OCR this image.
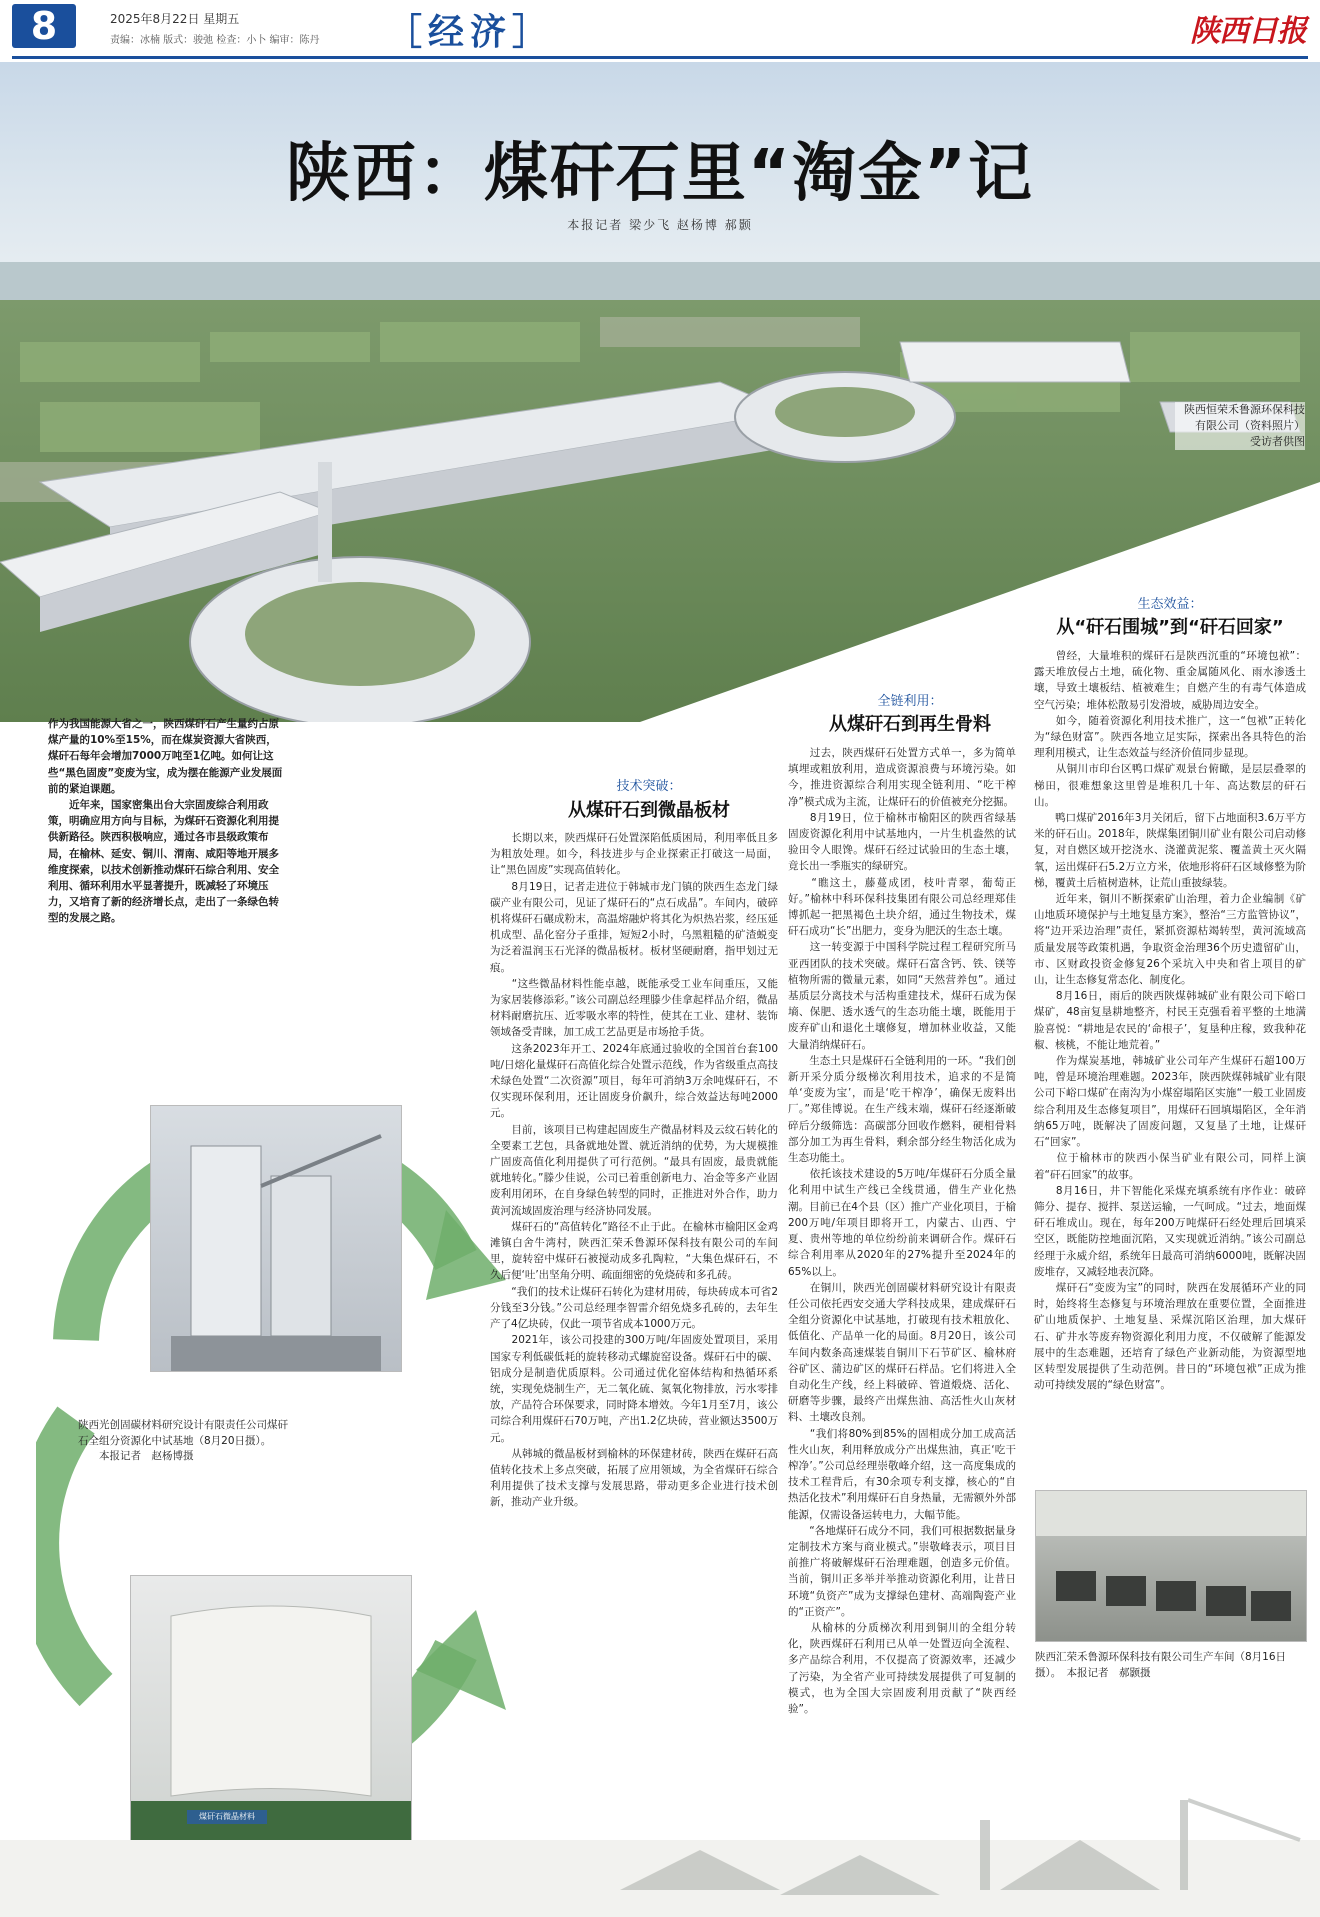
8	2025年8月22日 星期五
责编：冰楠 版式：骏弛 检查：小卜 编审：陈丹 ［经济］	陕西日报
陕西：煤矸石里“淘金”记
本报记者 梁少飞 赵杨博 郝颢
陕西恒荣禾鲁源环保科技有限公司（资料照片）
受访者供图
作为我国能源大省之一，陕西煤矸石产生量约占原煤产量的10%至15%，而在煤炭资源大省陕西，煤矸石每年会增加7000万吨至1亿吨。如何让这些“黑色固废”变废为宝，成为摆在能源产业发展面前的紧迫课题。
　　近年来，国家密集出台大宗固废综合利用政策，明确应用方向与目标，为煤矸石资源化利用提供新路径。陕西积极响应，通过各市县级政策布局，在榆林、延安、铜川、渭南、咸阳等地开展多维度探索，以技术创新推动煤矸石综合利用、安全利用、循环利用水平显著提升，既减轻了环境压力，又培育了新的经济增长点，走出了一条绿色转型的发展之路。
陕西光创固碳材料研究设计有限责任公司煤矸石全组分资源化中试基地（8月20日摄）。
　　本报记者　赵杨博摄
煤矸石微晶材料
技术突破：
从煤矸石到微晶板材
　　长期以来，陕西煤矸石处置深陷低质困局，利用率低且多为粗放处理。如今，科技进步与企业探索正打破这一局面，让“黑色固废”实现高值转化。
　　8月19日，记者走进位于韩城市龙门镇的陕西生态龙门绿碳产业有限公司，见证了煤矸石的“点石成晶”。车间内，破碎机将煤矸石碾成粉末，高温熔融炉将其化为炽热岩浆，经压延机成型、晶化窑分子重排，短短2小时，乌黑粗糙的矿渣蜕变为泛着温润玉石光泽的微晶板材。板材坚硬耐磨，指甲划过无痕。
　　“这些微晶材料性能卓越，既能承受工业车间重压，又能为家居装修添彩。”该公司副总经理滕少佳拿起样品介绍，微晶材料耐磨抗压、近零吸水率的特性，使其在工业、建材、装饰领域备受青睐，加工成工艺品更是市场抢手货。
　　这条2023年开工、2024年底通过验收的全国首台套100吨/日熔化量煤矸石高值化综合处置示范线，作为省级重点高技术绿色处置“二次资源”项目，每年可消纳3万余吨煤矸石，不仅实现环保利用，还让固废身价飙升，综合效益达每吨2000元。
　　目前，该项目已构建起固废生产微晶材料及云纹石转化的全要素工艺包，具备就地处置、就近消纳的优势，为大规模推广固废高值化利用提供了可行范例。“最具有固废，最贵就能就地转化。”滕少佳说，公司已着重创新电力、冶金等多产业固废利用闭环，在自身绿色转型的同时，正推进对外合作，助力黄河流域固废治理与经济协同发展。
　　煤矸石的“高值转化”路径不止于此。在榆林市榆阳区金鸡滩镇白舍牛湾村，陕西汇荣禾鲁源环保科技有限公司的车间里，旋转窑中煤矸石被搅动成多孔陶粒，“大集色煤矸石，不久后便‘吐’出坚角分明、疏面细密的免烧砖和多孔砖。
　　“我们的技术让煤矸石转化为建材用砖，每块砖成本可省2分钱至3分钱。”公司总经理李智雷介绍免烧多孔砖的，去年生产了4亿块砖，仅此一项节省成本1000万元。
　　2021年，该公司投建的300万吨/年固废处置项目，采用国家专利低碳低耗的旋转移动式螺旋窑设备。煤矸石中的碳、铝成分是制造优质原料。公司通过优化窑体结构和热循环系统，实现免烧制生产，无二氧化硫、氮氧化物排放，污水零排放，产品符合环保要求，同时降本增效。今年1月至7月，该公司综合利用煤矸石70万吨，产出1.2亿块砖，营业额达3500万元。
　　从韩城的微晶板材到榆林的环保建材砖，陕西在煤矸石高值转化技术上多点突破，拓展了应用领域，为全省煤矸石综合利用提供了技术支撑与发展思路，带动更多企业进行技术创新，推动产业升级。
全链利用：
从煤矸石到再生骨料
　　过去，陕西煤矸石处置方式单一，多为简单填埋或粗放利用，造成资源浪费与环境污染。如今，推进资源综合利用实现全链利用、“吃干榨净”模式成为主流，让煤矸石的价值被充分挖掘。
　　8月19日，位于榆林市榆阳区的陕西省绿基固废资源化利用中试基地内，一片生机盎然的试验田令人眼馋。煤矸石经过试验田的生态土壤，竟长出一季瓶实的绿研究。
　　“瞧这土，藤蔓成团，枝叶青翠，葡萄正好。”榆林中科环保科技集团有限公司总经理郑佳博抓起一把黑褐色土块介绍，通过生物技术，煤矸石成功“长”出肥力，变身为肥沃的生态土壤。
　　这一转变源于中国科学院过程工程研究所马亚西团队的技术突破。煤矸石富含钙、铁、镁等植物所需的微量元素，如同“天然营养包”。通过基质层分离技术与活构重建技术，煤矸石成为保墒、保肥、透水透气的生态功能土壤，既能用于废弃矿山和退化土壤修复，增加林业收益，又能大量消纳煤矸石。
　　生态土只是煤矸石全链利用的一环。“我们创新开采分质分级梯次利用技术，追求的不是简单‘变废为宝’，而是‘吃干榨净’，确保无废料出厂。”郑佳博说。在生产线末端，煤矸石经逐渐破碎后分级筛选：高碳部分回收作燃料，硬相骨料部分加工为再生骨料，剩余部分经生物活化成为生态功能土。
　　依托该技术建设的5万吨/年煤矸石分质全量化利用中试生产线已全线贯通，借生产业化热潮。目前已在4个县（区）推广产业化项目，于榆200万吨/年项目即将开工，内蒙古、山西、宁夏、贵州等地的单位纷纷前来调研合作。煤矸石综合利用率从2020年的27%提升至2024年的65%以上。
　　在铜川，陕西光创固碳材料研究设计有限责任公司依托西安交通大学科技成果，建成煤矸石全组分资源化中试基地，打破现有技术粗放化、低值化、产品单一化的局面。8月20日，该公司车间内数条高速煤装自铜川下石节矿区、榆林府谷矿区、蒲边矿区的煤矸石样品。它们将进入全自动化生产线，经上料破碎、管道煅烧、活化、研磨等步骤，最终产出煤焦油、高活性火山灰材料、土壤改良剂。
　　“我们将80%到85%的固相成分加工成高活性火山灰，利用释放成分产出煤焦油，真正‘吃干榨净’。”公司总经理崇敬峰介绍，这一高度集成的技术工程背后，有30余项专利支撑，核心的“自热活化技术”利用煤矸石自身热量，无需额外外部能源，仅需设备运转电力，大幅节能。
　　“各地煤矸石成分不同，我们可根据数据量身定制技术方案与商业模式。”崇敬峰表示，项目目前推广将破解煤矸石治理难题，创造多元价值。当前，铜川正多举并举推动资源化利用，让昔日环境“负资产”成为支撑绿色建材、高端陶瓷产业的“正资产”。
　　从榆林的分质梯次利用到铜川的全组分转化，陕西煤矸石利用已从单一处置迈向全流程、多产品综合利用，不仅提高了资源效率，还减少了污染，为全省产业可持续发展提供了可复制的模式，也为全国大宗固废利用贡献了“陕西经验”。
生态效益：
从“矸石围城”到“矸石回家”
　　曾经，大量堆积的煤矸石是陕西沉重的“环境包袱”：露天堆放侵占土地，硫化物、重金属随风化、雨水渗透土壤，导致土壤板结、植被难生；自燃产生的有毒气体造成空气污染；堆体松散易引发滑坡，威胁周边安全。
　　如今，随着资源化利用技术推广，这一“包袱”正转化为“绿色财富”。陕西各地立足实际，探索出各具特色的治理利用模式，让生态效益与经济价值同步显现。
　　从铜川市印台区鸭口煤矿观景台俯瞰，是层层叠翠的梯田，很难想象这里曾是堆积几十年、高达数层的矸石山。
　　鸭口煤矿2016年3月关闭后，留下占地面积3.6万平方米的矸石山。2018年，陕煤集团铜川矿业有限公司启动修复，对自燃区域开挖浇水、浇灌黄泥浆、覆盖黄土灭火隔氧，运出煤矸石5.2万立方米，依地形将矸石区域修整为阶梯，覆黄土后植树造林，让荒山重披绿装。
　　近年来，铜川不断探索矿山治理，着力企业编制《矿山地质环境保护与土地复垦方案》，整治“三方监管协议”，将“边开采边治理”责任，紧抓资源枯竭转型，黄河流域高质量发展等政策机遇，争取资金治理36个历史遗留矿山，市、区财政投资金修复26个采坑入中央和省上项目的矿山，让生态修复常态化、制度化。
　　8月16日，雨后的陕西陕煤韩城矿业有限公司下峪口煤矿，48亩复垦耕地整齐，村民王克强看着平整的土地满脸喜悦：“耕地是农民的‘命根子’，复垦种庄稼，致我种花椒、核桃，不能让地荒着。”
　　作为煤炭基地，韩城矿业公司年产生煤矸石超100万吨，曾是环境治理难题。2023年，陕西陕煤韩城矿业有限公司下峪口煤矿在南沟为小煤窑塌陷区实施“一般工业固废综合利用及生态修复项目”，用煤矸石回填塌陷区，全年消纳65万吨，既解决了固废问题，又复垦了土地，让煤矸石“回家”。
　　位于榆林市的陕西小保当矿业有限公司，同样上演着“矸石回家”的故事。
　　8月16日，井下智能化采煤充填系统有序作业：破碎筛分、提存、搅拌、泵送运输，一气呵成。“过去，地面煤矸石堆成山。现在，每年200万吨煤矸石经处理后回填采空区，既能防控地面沉陷，又实现就近消纳。”该公司副总经理于永威介绍，系统年日最高可消纳6000吨，既解决固废堆存，又减轻地表沉降。
　　煤矸石“变废为宝”的同时，陕西在发展循环产业的同时，始终将生态修复与环境治理放在重要位置，全面推进矿山地质保护、土地复垦、采煤沉陷区治理，加大煤矸石、矿井水等废弃物资源化利用力度，不仅破解了能源发展中的生态难题，还培育了绿色产业新动能，为资源型地区转型发展提供了生动范例。昔日的“环境包袱”正成为推动可持续发展的“绿色财富”。
陕西汇荣禾鲁源环保科技有限公司生产车间（8月16日摄）。　本报记者　郝颢摄
